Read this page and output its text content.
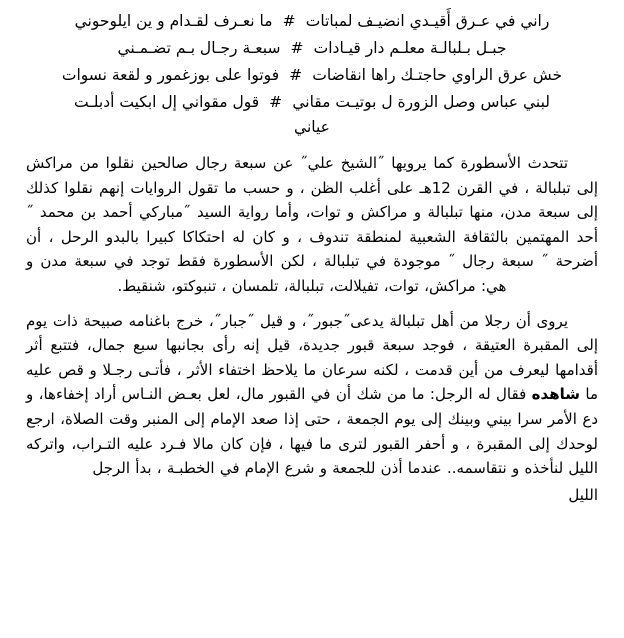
راني في عـرق أَقيـدي انضيـف لمباتات#ما نعـرف لقـدام و ين ايلوحوني
جبـل بـلبالـة معلـم دار قيـادات#سبعـة رجـال بـم تضـمـني
خش عرق الراوي حاجتـك راها انقاضات#فوتوا على بوزغمور و لقعة نسوات
لبني عباس وصل الزورة ل بوتيـت مقاني#قول مقواني إل ابكيت أدبلـت
عياني

تتحدث الأسطورة كما يرويها ˝الشيخ علي˝ عن سبعة رجال صالحين نقلوا من مراكش إلى تبلبالة ، في القرن 12هـ على أغلب الظن ، و حسب ما تقول الروايات إنهم نقلوا كذلك إلى سبعة مدن، منها تبلبالة و مراكش و توات، وأما رواية السيد ˝مباركي أحمد بن محمد ˝ أحد المهتمين بالثقافة الشعبية لمنطقة تندوف ، و كان له احتكاكا كبيرا بالبدو الرحل ، أن أضرحة ˝ سبعة رجال ˝ موجودة في تبلبالة ، لكن الأسطورة فقط توجد في سبعة مدن و هي: مراكش، توات، تفيلالت، تبلبالة، تلمسان ، تنبوكتو، شنقيط.

يروى أن رجلا من أهل تبلبالة يدعى˝جبور˝، و قيل ˝جبار˝، خرج باغنامه صبيحة ذات يوم إلى المقبرة العتيقة ، فوجد سبعة قبور جديدة، قيل إنه رأى بجانبها سبع جمال، فتتبع أثر أقدامها ليعرف من أين قدمت ، لكنه سرعان ما يلاحظ اختفاء الأثر ، فأتـى رجـلا و قص عليه ما شاهده فقال له الرجل: ما من شك أن في القبور مال، لعل بعـض النـاس أراد إخفاءها، و دع الأمر سرا بيني وبينك إلى يوم الجمعة ، حتى إذا صعد الإمام إلى المنبر وقت الصلاة، ارجع لوحدك إلى المقبرة ، و أحفر القبور لترى ما فيها ، فإن كان مالا فـرد عليه التـراب، واتركه الليل لنأخذه و نتقاسمه.. عندما أذن للجمعة و شرع الإمام في الخطبـة ، بدأ الرجل

الليل
